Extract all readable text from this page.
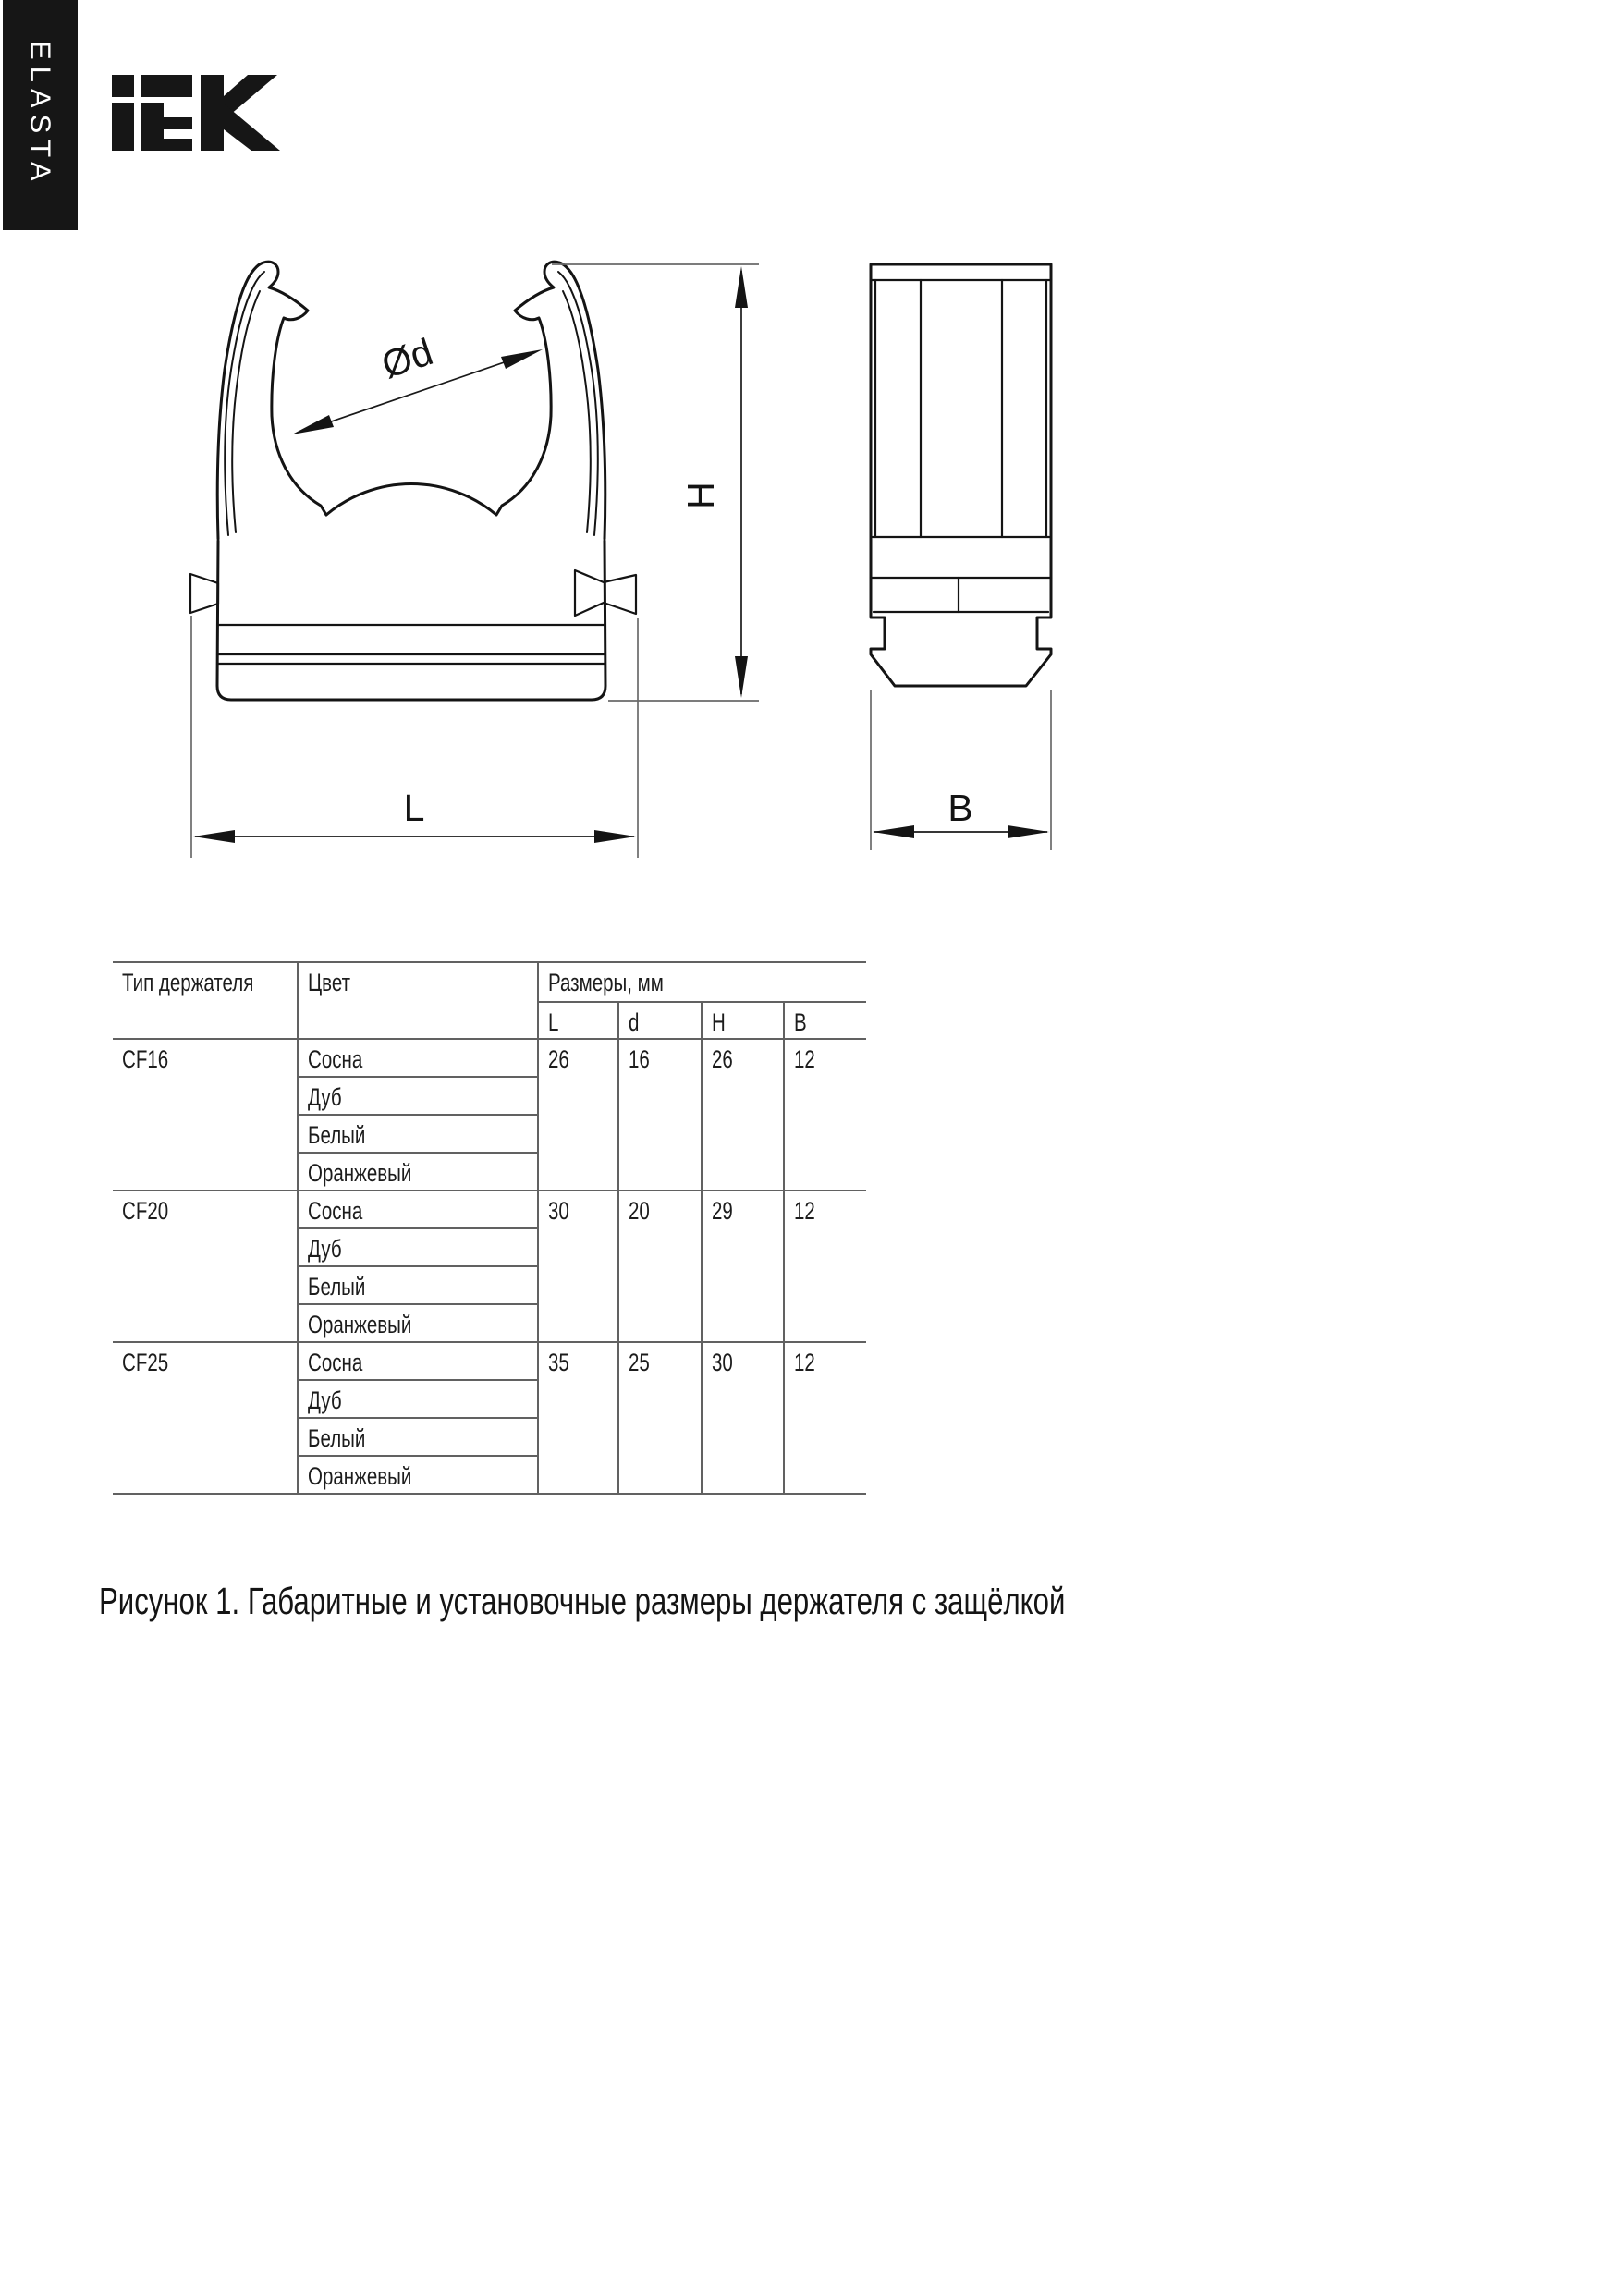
ELASTA
Ød
H
L	B
Тип держателя	Цвет	Размеры, мм			
		L	d	H	B
CF16	Сосна	26	16	26	12
	Дуб				
	Белый				
	Оранжевый				
CF20	Сосна	30	20	29	12
	Дуб				
	Белый				
	Оранжевый				
CF25	Сосна	35	25	30	12
	Дуб				
	Белый				
	Оранжевый				
Рисунок 1. Габаритные и установочные размеры держателя с защёлкой
